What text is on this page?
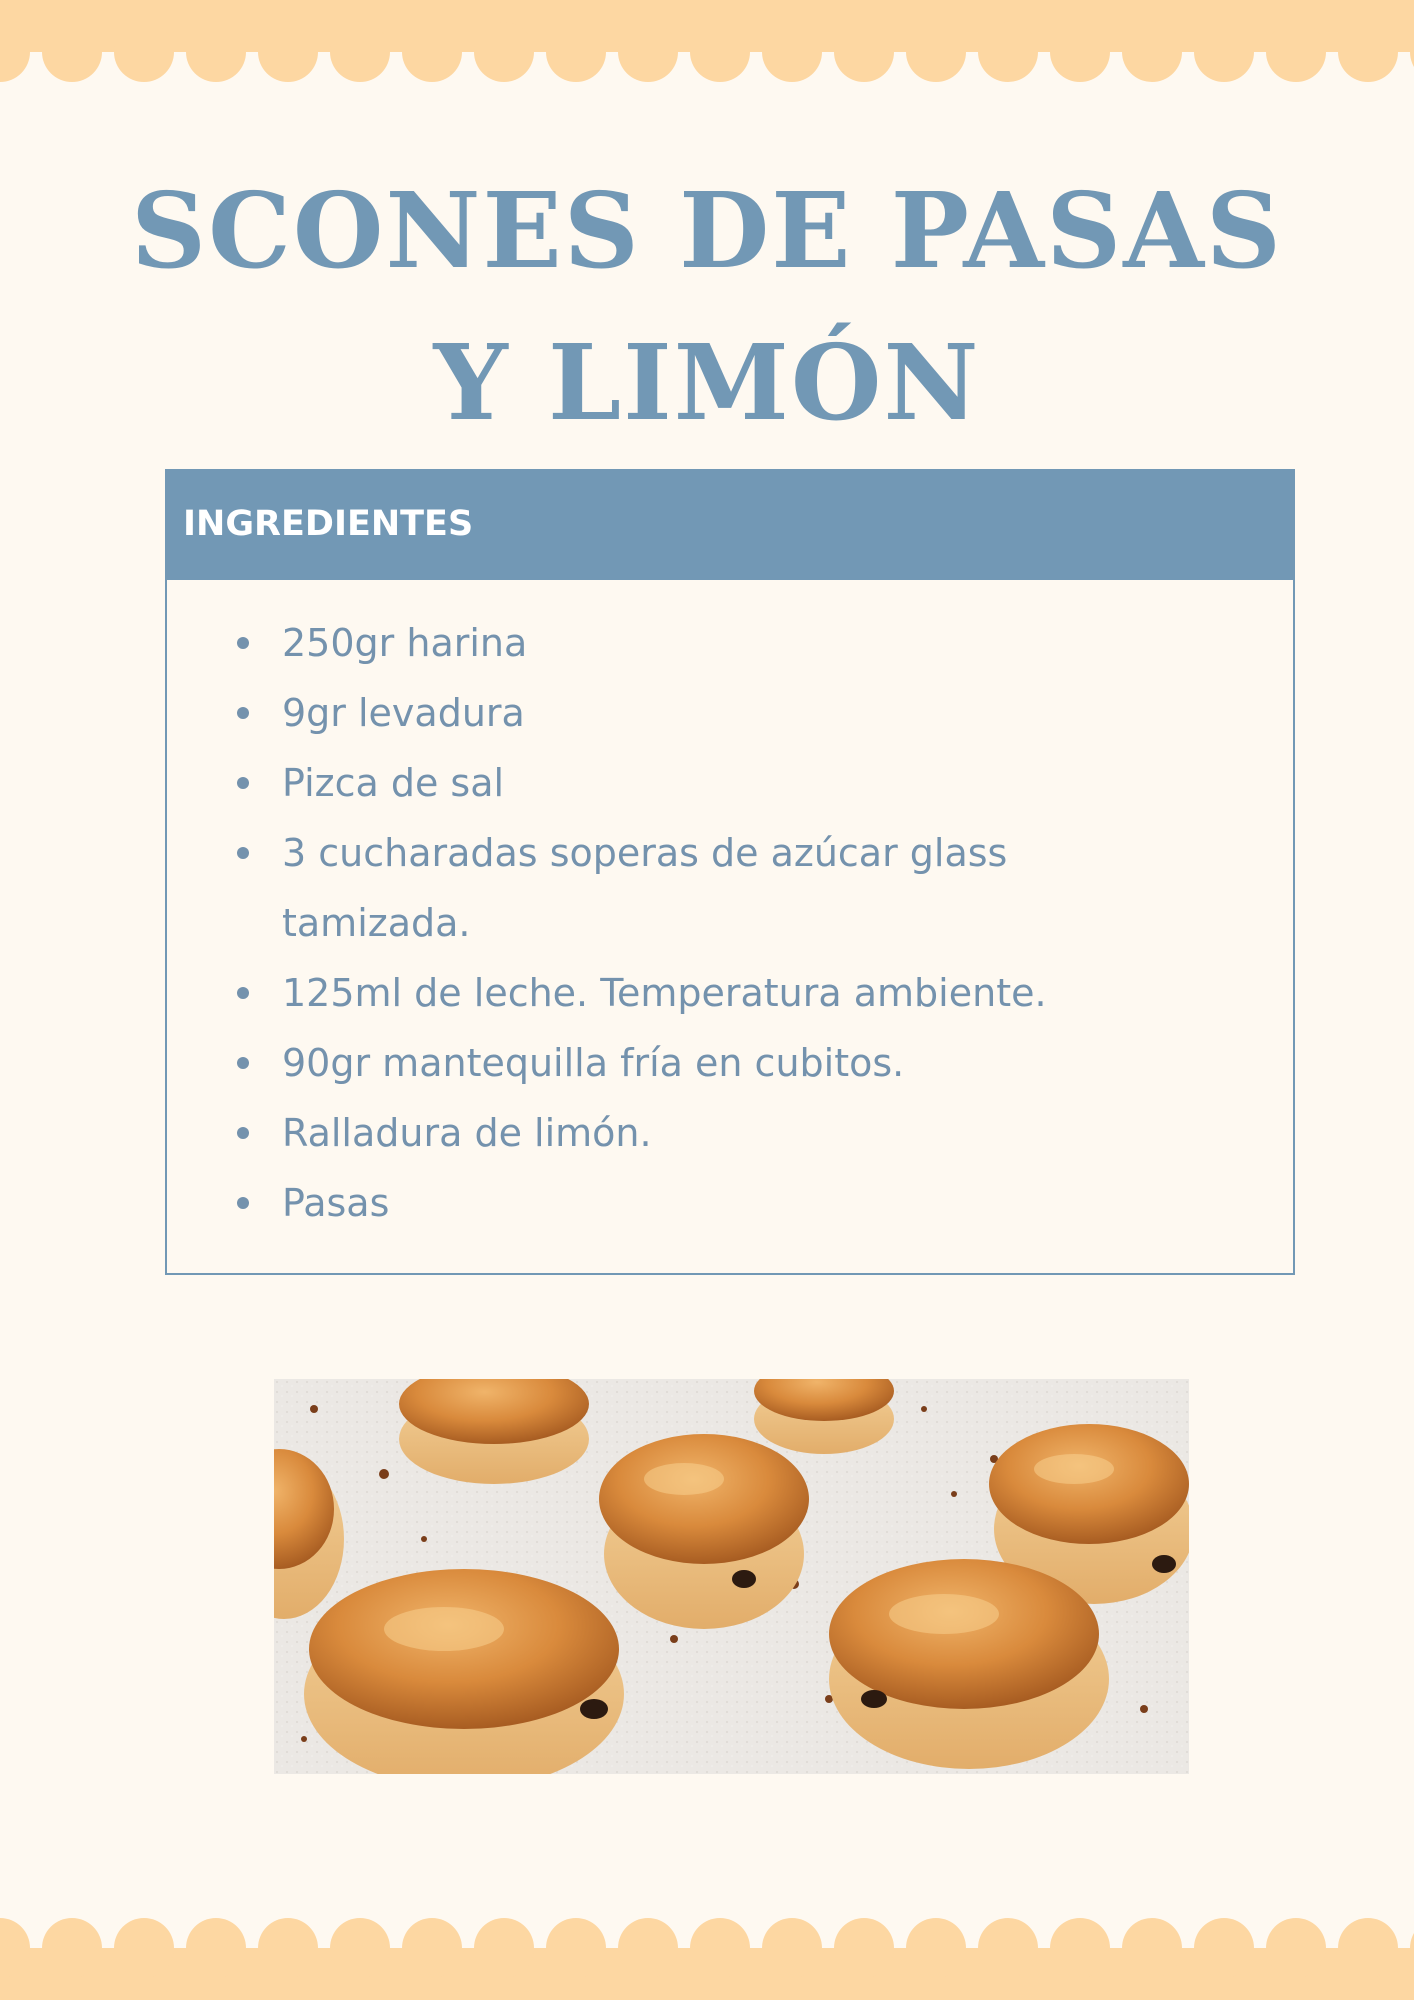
SCONES DE PASAS
Y LIMÓN
INGREDIENTES
250gr harina
9gr levadura
Pizca de sal
3 cucharadas soperas de azúcar glass tamizada.
125ml de leche. Temperatura ambiente.
90gr mantequilla fría en cubitos.
Ralladura de limón.
Pasas
